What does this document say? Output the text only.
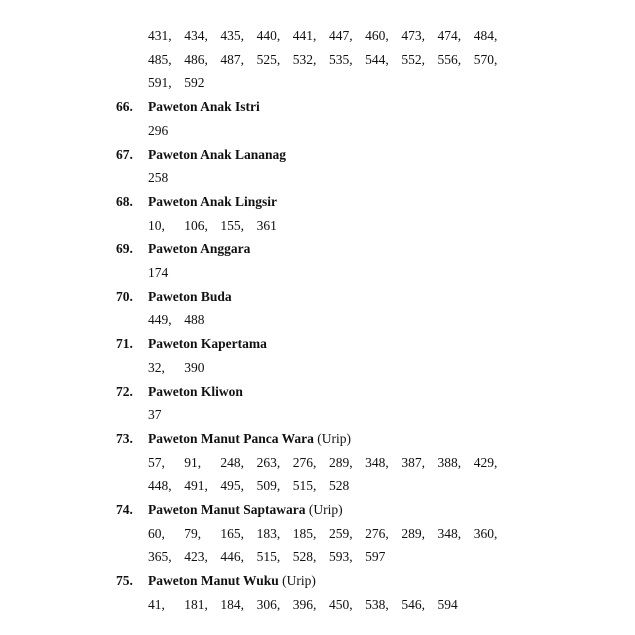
431, 434, 435, 440, 441, 447, 460, 473, 474, 484,
485, 486, 487, 525, 532, 535, 544, 552, 556, 570,
591, 592
66. Paweton Anak Istri
296
67. Paweton Anak Lananag
258
68. Paweton Anak Lingsir
10, 106, 155, 361
69. Paweton Anggara
174
70. Paweton Buda
449, 488
71. Paweton Kapertama
32, 390
72. Paweton Kliwon
37
73. Paweton Manut Panca Wara (Urip)
57, 91, 248, 263, 276, 289, 348, 387, 388, 429,
448, 491, 495, 509, 515, 528
74. Paweton Manut Saptawara (Urip)
60, 79, 165, 183, 185, 259, 276, 289, 348, 360,
365, 423, 446, 515, 528, 593, 597
75. Paweton Manut Wuku (Urip)
41, 181, 184, 306, 396, 450, 538, 546, 594
